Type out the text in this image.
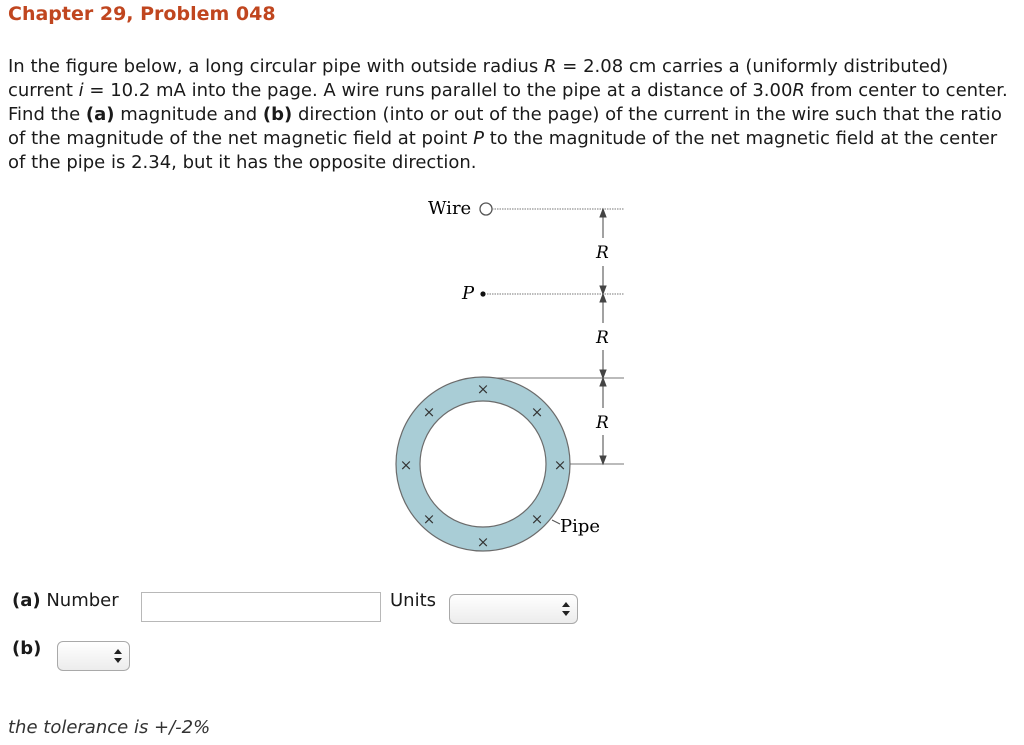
Chapter 29, Problem 048

In the figure below, a long circular pipe with outside radius R = 2.08 cm carries a (uniformly distributed) current i = 10.2 mA into the page. A wire runs parallel to the pipe at a distance of 3.00R from center to center. Find the (a) magnitude and (b) direction (into or out of the page) of the current in the wire such that the ratio of the magnitude of the net magnetic field at point P to the magnitude of the net magnetic field at the center of the pipe is 2.34, but it has the opposite direction.

Wire
P
R
R
R
×
×
×
×
×
×
×
×
Pipe
(a) Number	Units
(b)
the tolerance is +/-2%
